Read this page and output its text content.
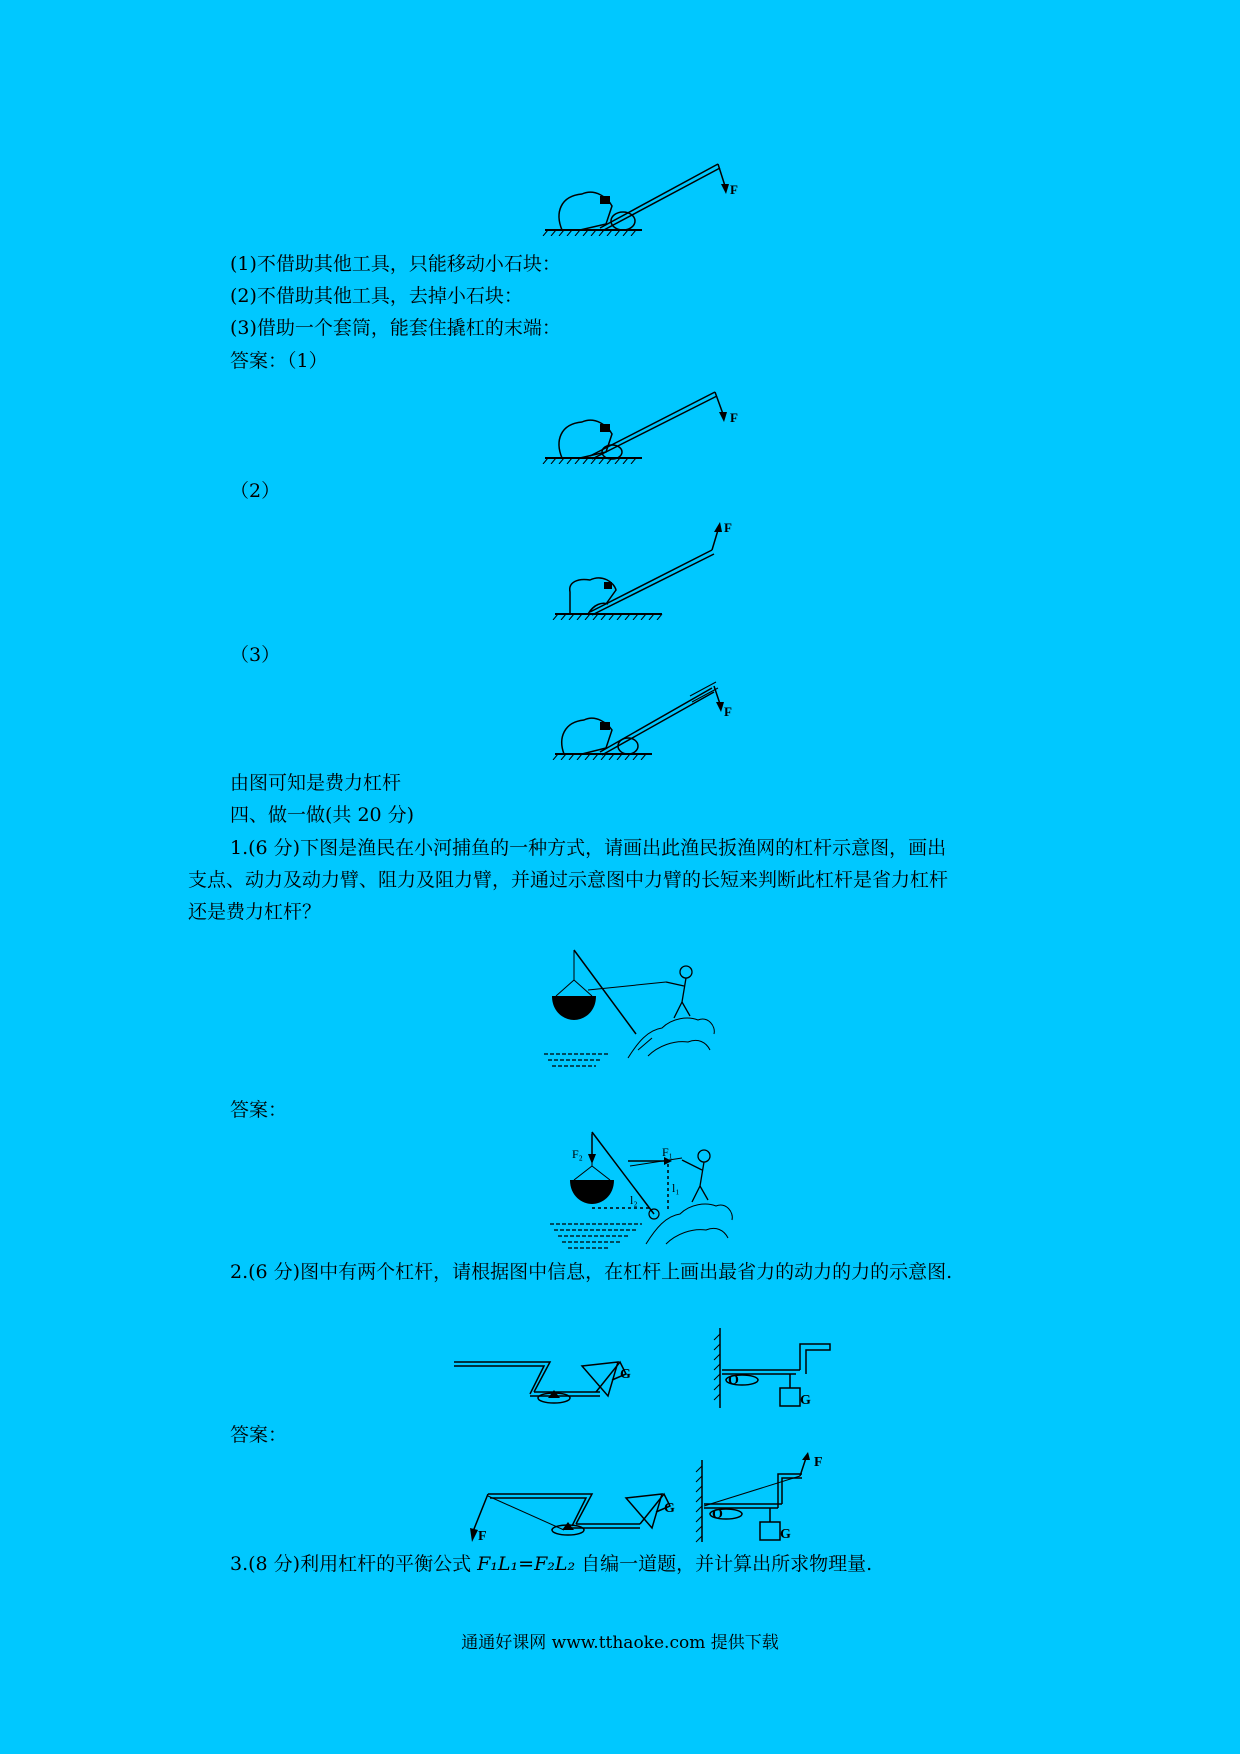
F

(1)不借助其他工具，只能移动小石块：

(2)不借助其他工具，去掉小石块：

(3)借助一个套筒，能套住撬杠的末端：

答案：（1）

F

（2）

F

（3）

F

由图可知是费力杠杆

四、做一做(共 20 分)

1.(6 分)下图是渔民在小河捕鱼的一种方式，请画出此渔民扳渔网的杠杆示意图，画出

支点、动力及动力臂、阻力及阻力臂，并通过示意图中力臂的长短来判断此杠杆是省力杠杆

还是费力杠杆？

答案：

F₂	F₁
l₁
l₂

2.(6 分)图中有两个杠杆，请根据图中信息，在杠杆上画出最省力的动力的力的示意图.

G	O
G

答案：

F
G
F
O
G

3.(8 分)利用杠杆的平衡公式 F₁L₁=F₂L₂ 自编一道题，并计算出所求物理量.

通通好课网 www.tthaoke.com 提供下载
